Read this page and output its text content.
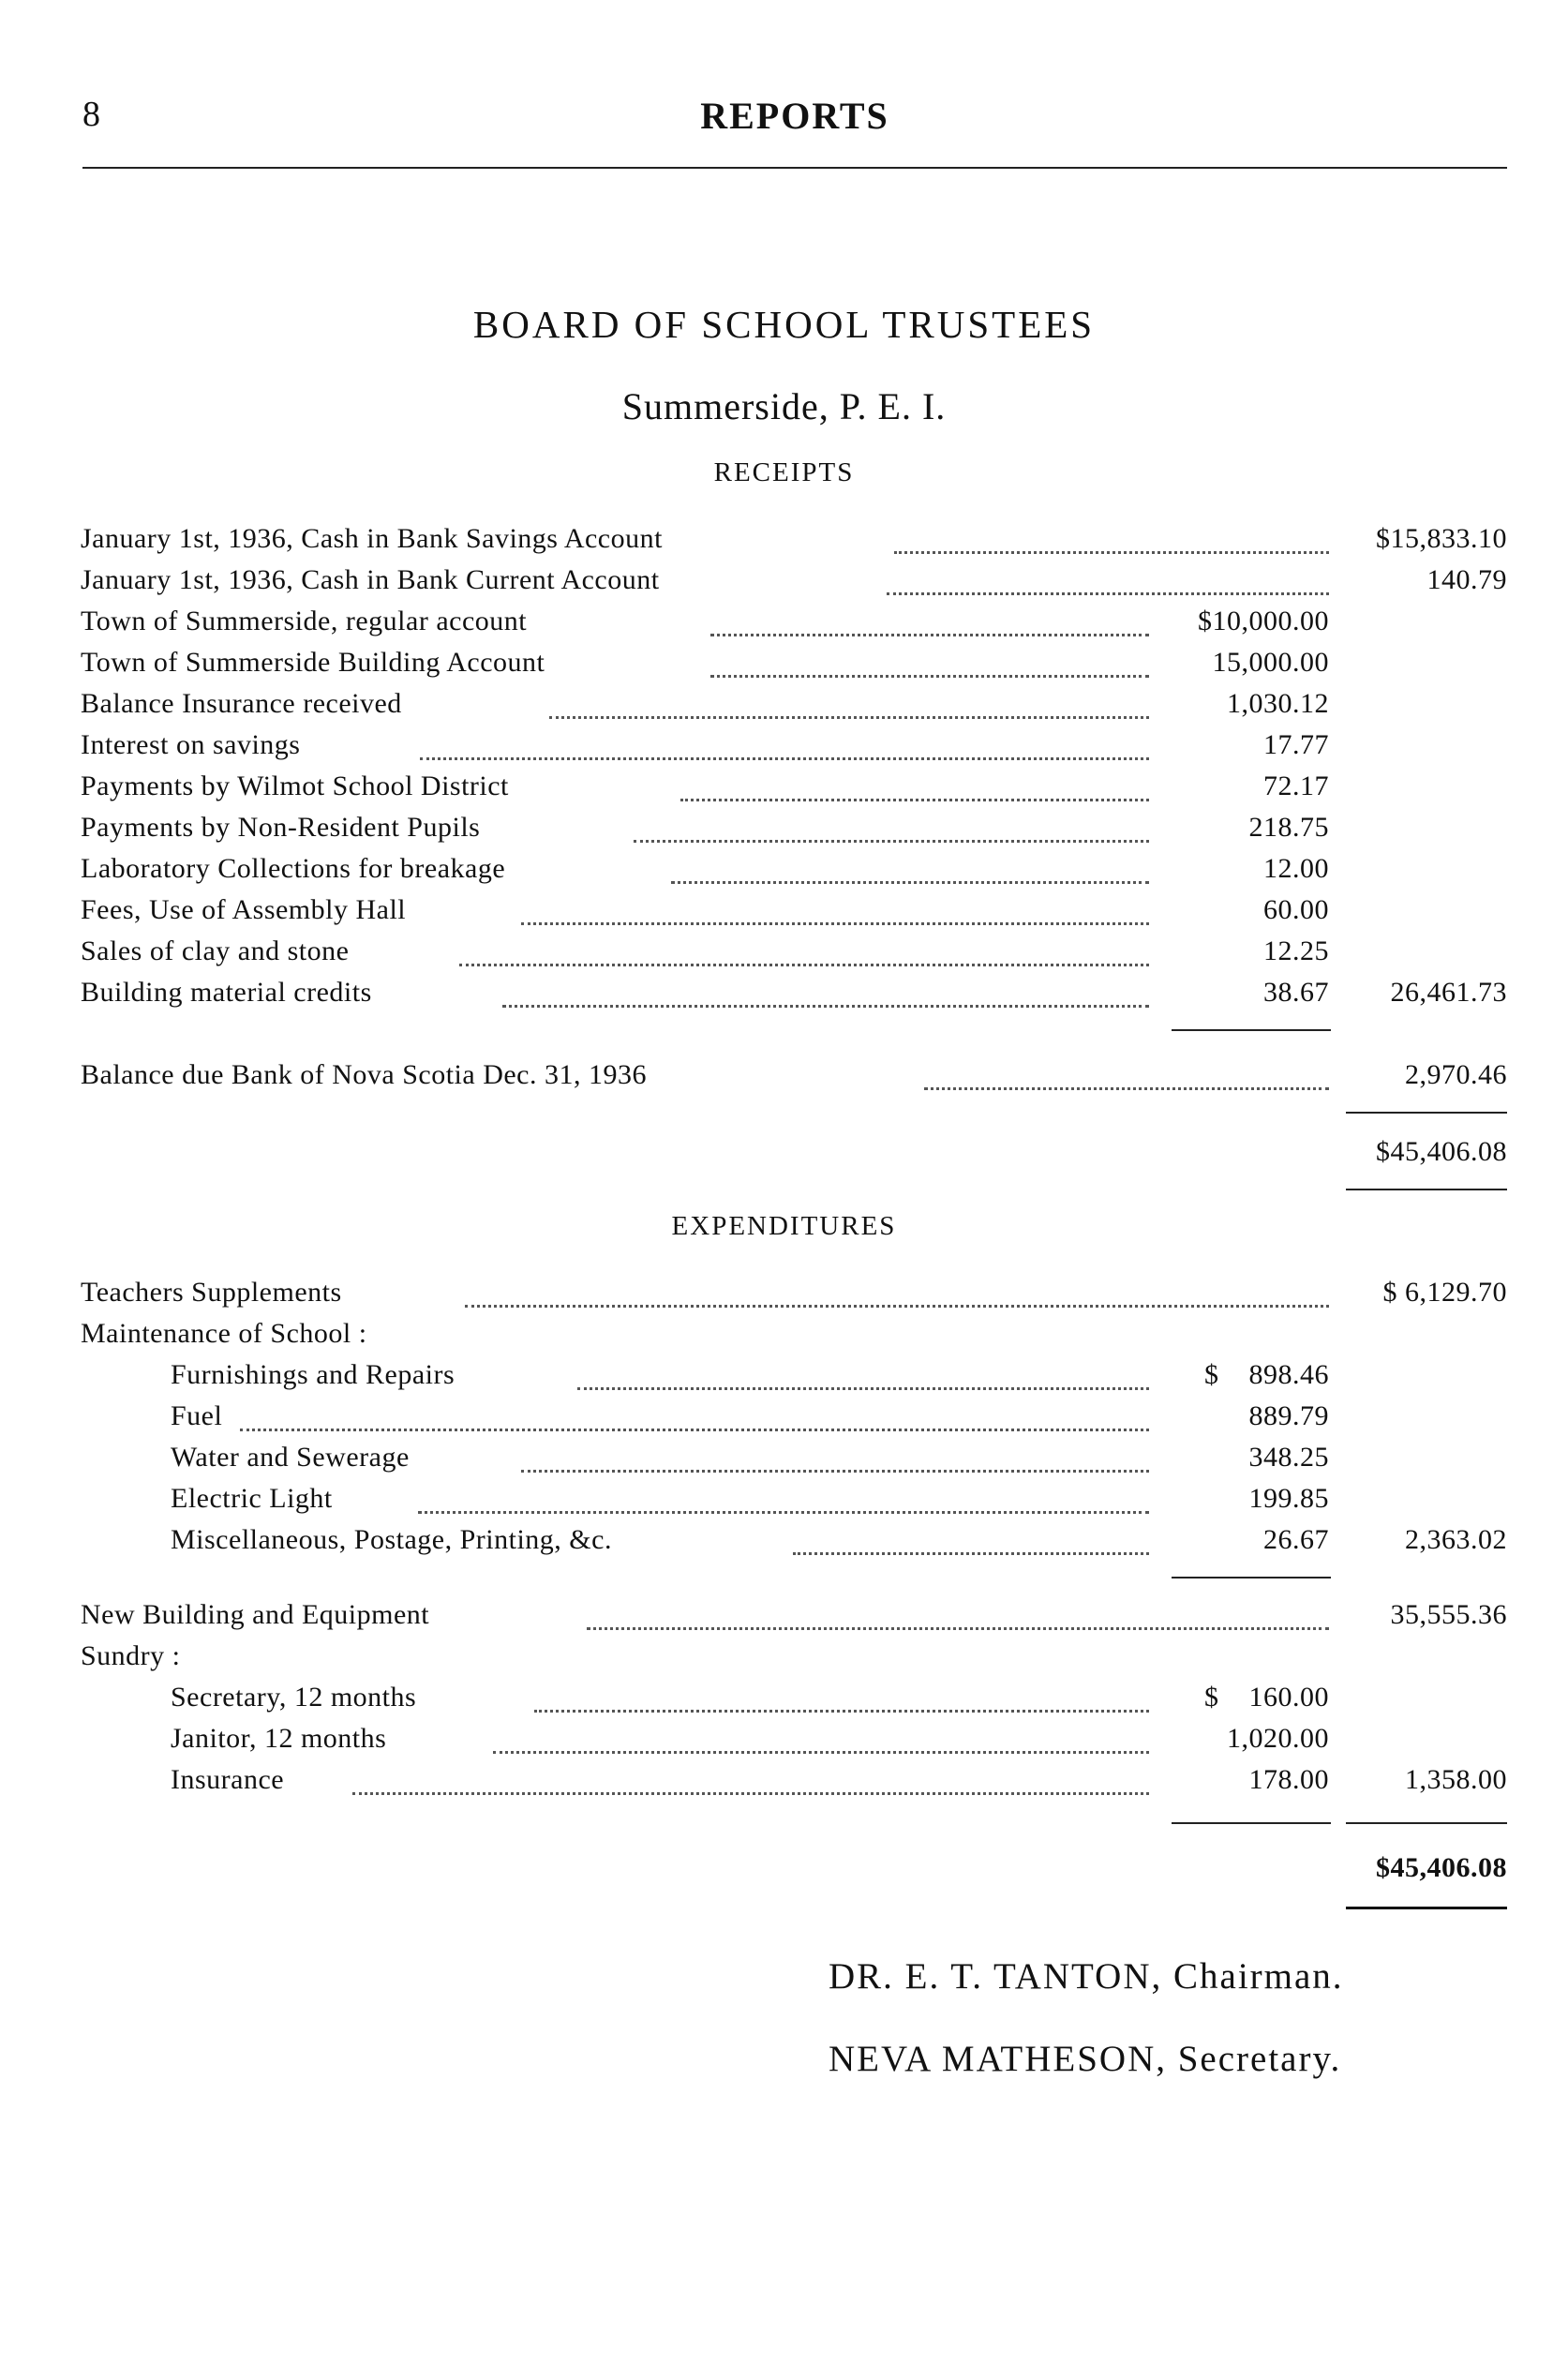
8	REPORTS
BOARD OF SCHOOL TRUSTEES
Summerside, P. E. I.
RECEIPTS
January 1st, 1936, Cash in Bank Savings Account	$15,833.10
January 1st, 1936, Cash in Bank Current Account	140.79
Town of Summerside, regular account	$10,000.00
Town of Summerside Building Account	15,000.00
Balance Insurance received	1,030.12
Interest on savings	17.77
Payments by Wilmot School District	72.17
Payments by Non-Resident Pupils	218.75
Laboratory Collections for breakage	12.00
Fees, Use of Assembly Hall	60.00
Sales of clay and stone	12.25
Building material credits	38.67 26,461.73
Balance due Bank of Nova Scotia Dec. 31, 1936	2,970.46
$45,406.08
EXPENDITURES
Teachers Supplements	$ 6,129.70
Maintenance of School :
Furnishings and Repairs	$    898.46
Fuel	889.79
Water and Sewerage	348.25
Electric Light	199.85
Miscellaneous, Postage, Printing, &c.	26.67	2,363.02
New Building and Equipment	35,555.36
Sundry :
Secretary, 12 months	$    160.00
Janitor, 12 months	1,020.00
Insurance	178.00	1,358.00
$45,406.08
DR. E. T. TANTON, Chairman.
NEVA MATHESON, Secretary.
